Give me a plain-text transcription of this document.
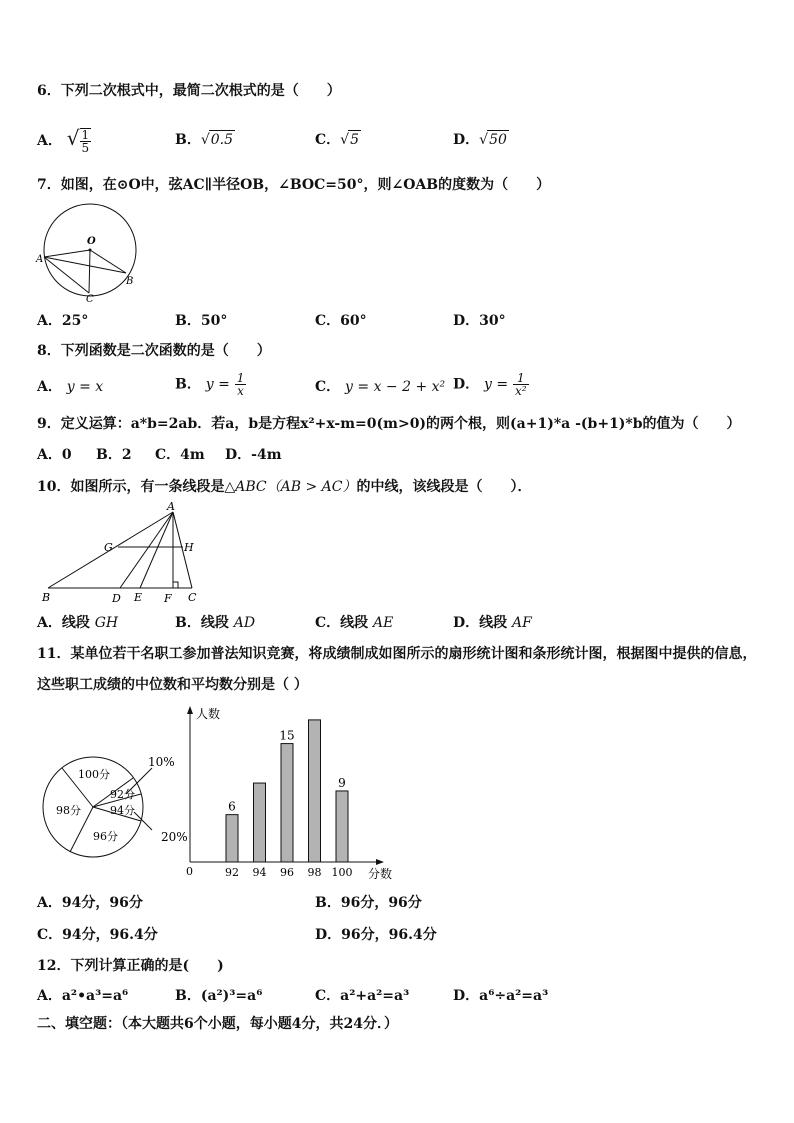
6．下列二次根式中，最简二次根式的是（　　）
A． √ $\frac{1}{5}$	B．√0.5	C．√5	D．√50
7．如图，在⊙O中，弦AC∥半径OB，∠BOC=50°，则∠OAB的度数为（　　）
O
A
B
C
A．25°	B．50°	C．60°	D．30°
8．下列函数是二次函数的是（　　）
A． y = x	B． $y = \frac{1}{x}$	C． y = x − 2 + x² D． $y = \frac{1}{\text{x²}}$
9．定义运算：a*b=2ab．若a，b是方程x²+x-m=0(m>0)的两个根，则(a+1)*a -(b+1)*b的值为（　　）
A．0 B．2 C．4m D．-4m
10．如图所示，有一条线段是△ABC（AB > AC）的中线，该线段是（　　）．
A
B	C
D E F
G	H
A．线段 GH	B．线段 AD	C．线段 AE	D．线段 AF
11．某单位若干名职工参加普法知识竞赛，将成绩制成如图所示的扇形统计图和条形统计图，根据图中提供的信息，
这些职工成绩的中位数和平均数分别是（ ）
100分
92分
94分
96分
98分
10%
20%
人数
分数
0	92
6
94 96
15
98 100
9
A．94分，96分	B．96分，96分
C．94分，96.4分	D．96分，96.4分
12．下列计算正确的是(　　)
A．a²•a³=a⁶	B．(a²)³=a⁶	C．a²+a²=a³	D．a⁶÷a²=a³
二、填空题：（本大题共6个小题，每小题4分，共24分．）
